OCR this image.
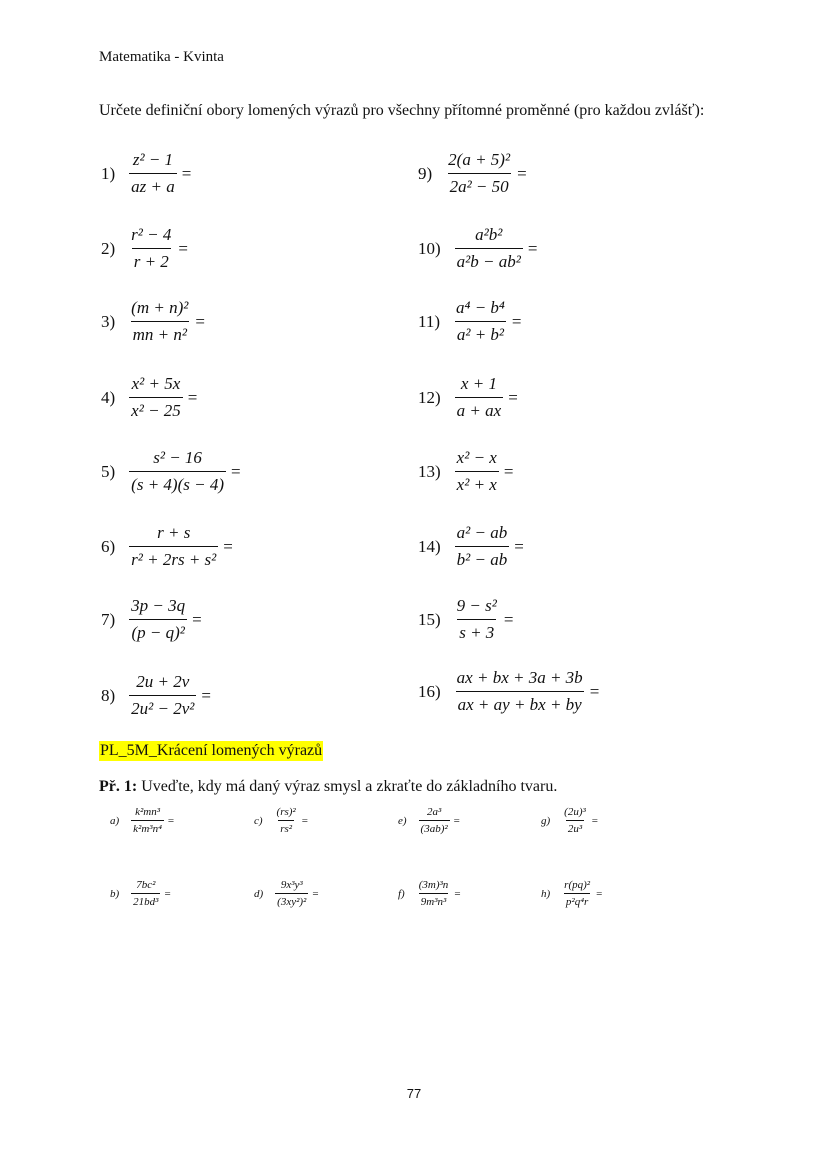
Matematika - Kvinta
Určete definiční obory lomených výrazů pro všechny přítomné proměnné (pro každou zvlášť):
$1) \frac{\text{z² − 1}}{az + a}$ =
$2) \frac{\text{r² − 4}}{r + 2}$ =
$3) \frac{\text{(m + n)²}}{\text{mn + n²}}$ =
$4) \frac{\text{x² + 5x}}{\text{x² − 25}}$ =
$5) \frac{\text{s² − 16}}{(s + 4)(s - 4)}$ =
$6) \frac{r + s}{\text{r² + 2rs + s²}}$ =
$7) \frac{3p - 3q}{\text{(p − q)²}}$ =
$8) \frac{2u + 2v}{\text{2u² − 2v²}}$ =
$9) \frac{\text{2(a + 5)²}}{\text{2a² − 50}}$ =
$10) \frac{\text{a²b²}}{\text{a²b − ab²}}$ =
$11) \frac{\text{a⁴ − b⁴}}{\text{a² + b²}}$ =
$12) \frac{x + 1}{a + ax}$ =
$13) \frac{\text{x² − x}}{\text{x² + x}}$ =
$14) \frac{\text{a² − ab}}{\text{b² − ab}}$ =
$15) \frac{\text{9 − s²}}{s + 3}$ =
$16) \frac{ax + bx + 3a + 3b}{ax + ay + bx + by}$ =
PL_5M_Krácení lomených výrazů
Př. 1: Uveďte, kdy má daný výraz smysl a zkraťte do základního tvaru.
$a) \frac{\text{k²mn³}}{\text{k²m³n⁴}}$ =	$c) \frac{\text{(rs)²}}{\text{rs²}}$ =	$e) \frac{\text{2a³}}{\text{(3ab)²}}$ =	$g) \frac{\text{(2u)³}}{\text{2u³}}$ =
$b) \frac{\text{7bc²}}{\text{21bd³}}$ =	$d) \frac{\text{9x³y³}}{\text{(3xy²)²}}$ =	$f) \frac{\text{(3m)³n}}{\text{9m³n³}}$ =	$h) \frac{\text{r(pq)²}}{\text{p²q⁴r}}$ =
77
